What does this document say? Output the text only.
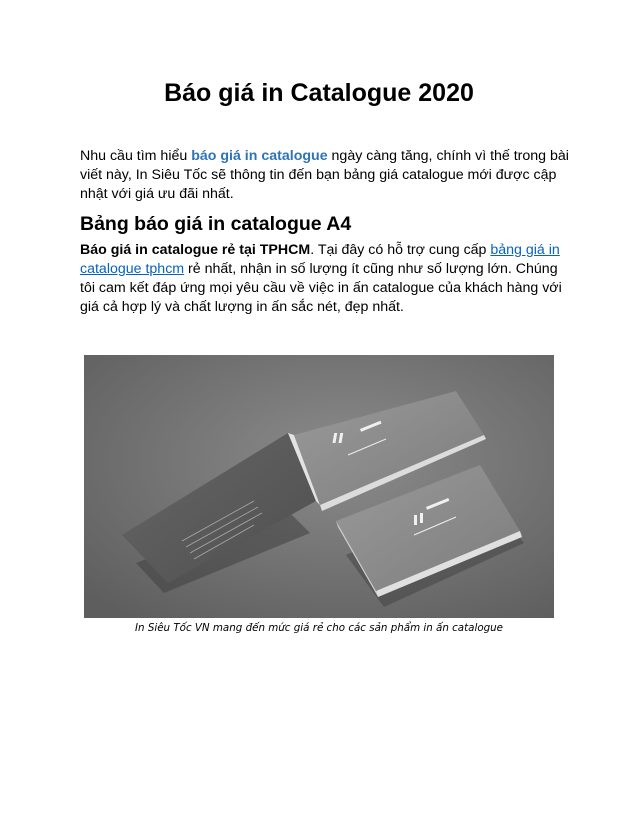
Báo giá in Catalogue 2020

Nhu cầu tìm hiểu báo giá in catalogue ngày càng tăng, chính vì thế trong bài viết này, In Siêu Tốc sẽ thông tin đến bạn bảng giá catalogue mới được cập nhật với giá ưu đãi nhất.

Bảng báo giá in catalogue A4

Báo giá in catalogue rẻ tại TPHCM. Tại đây có hỗ trợ cung cấp bảng giá in catalogue tphcm rẻ nhất, nhận in số lượng ít cũng như số lượng lớn. Chúng tôi cam kết đáp ứng mọi yêu cầu về việc in ấn catalogue của khách hàng với giá cả hợp lý và chất lượng in ấn sắc nét, đẹp nhất.

In Siêu Tốc VN mang đến mức giá rẻ cho các sản phẩm in ấn catalogue
